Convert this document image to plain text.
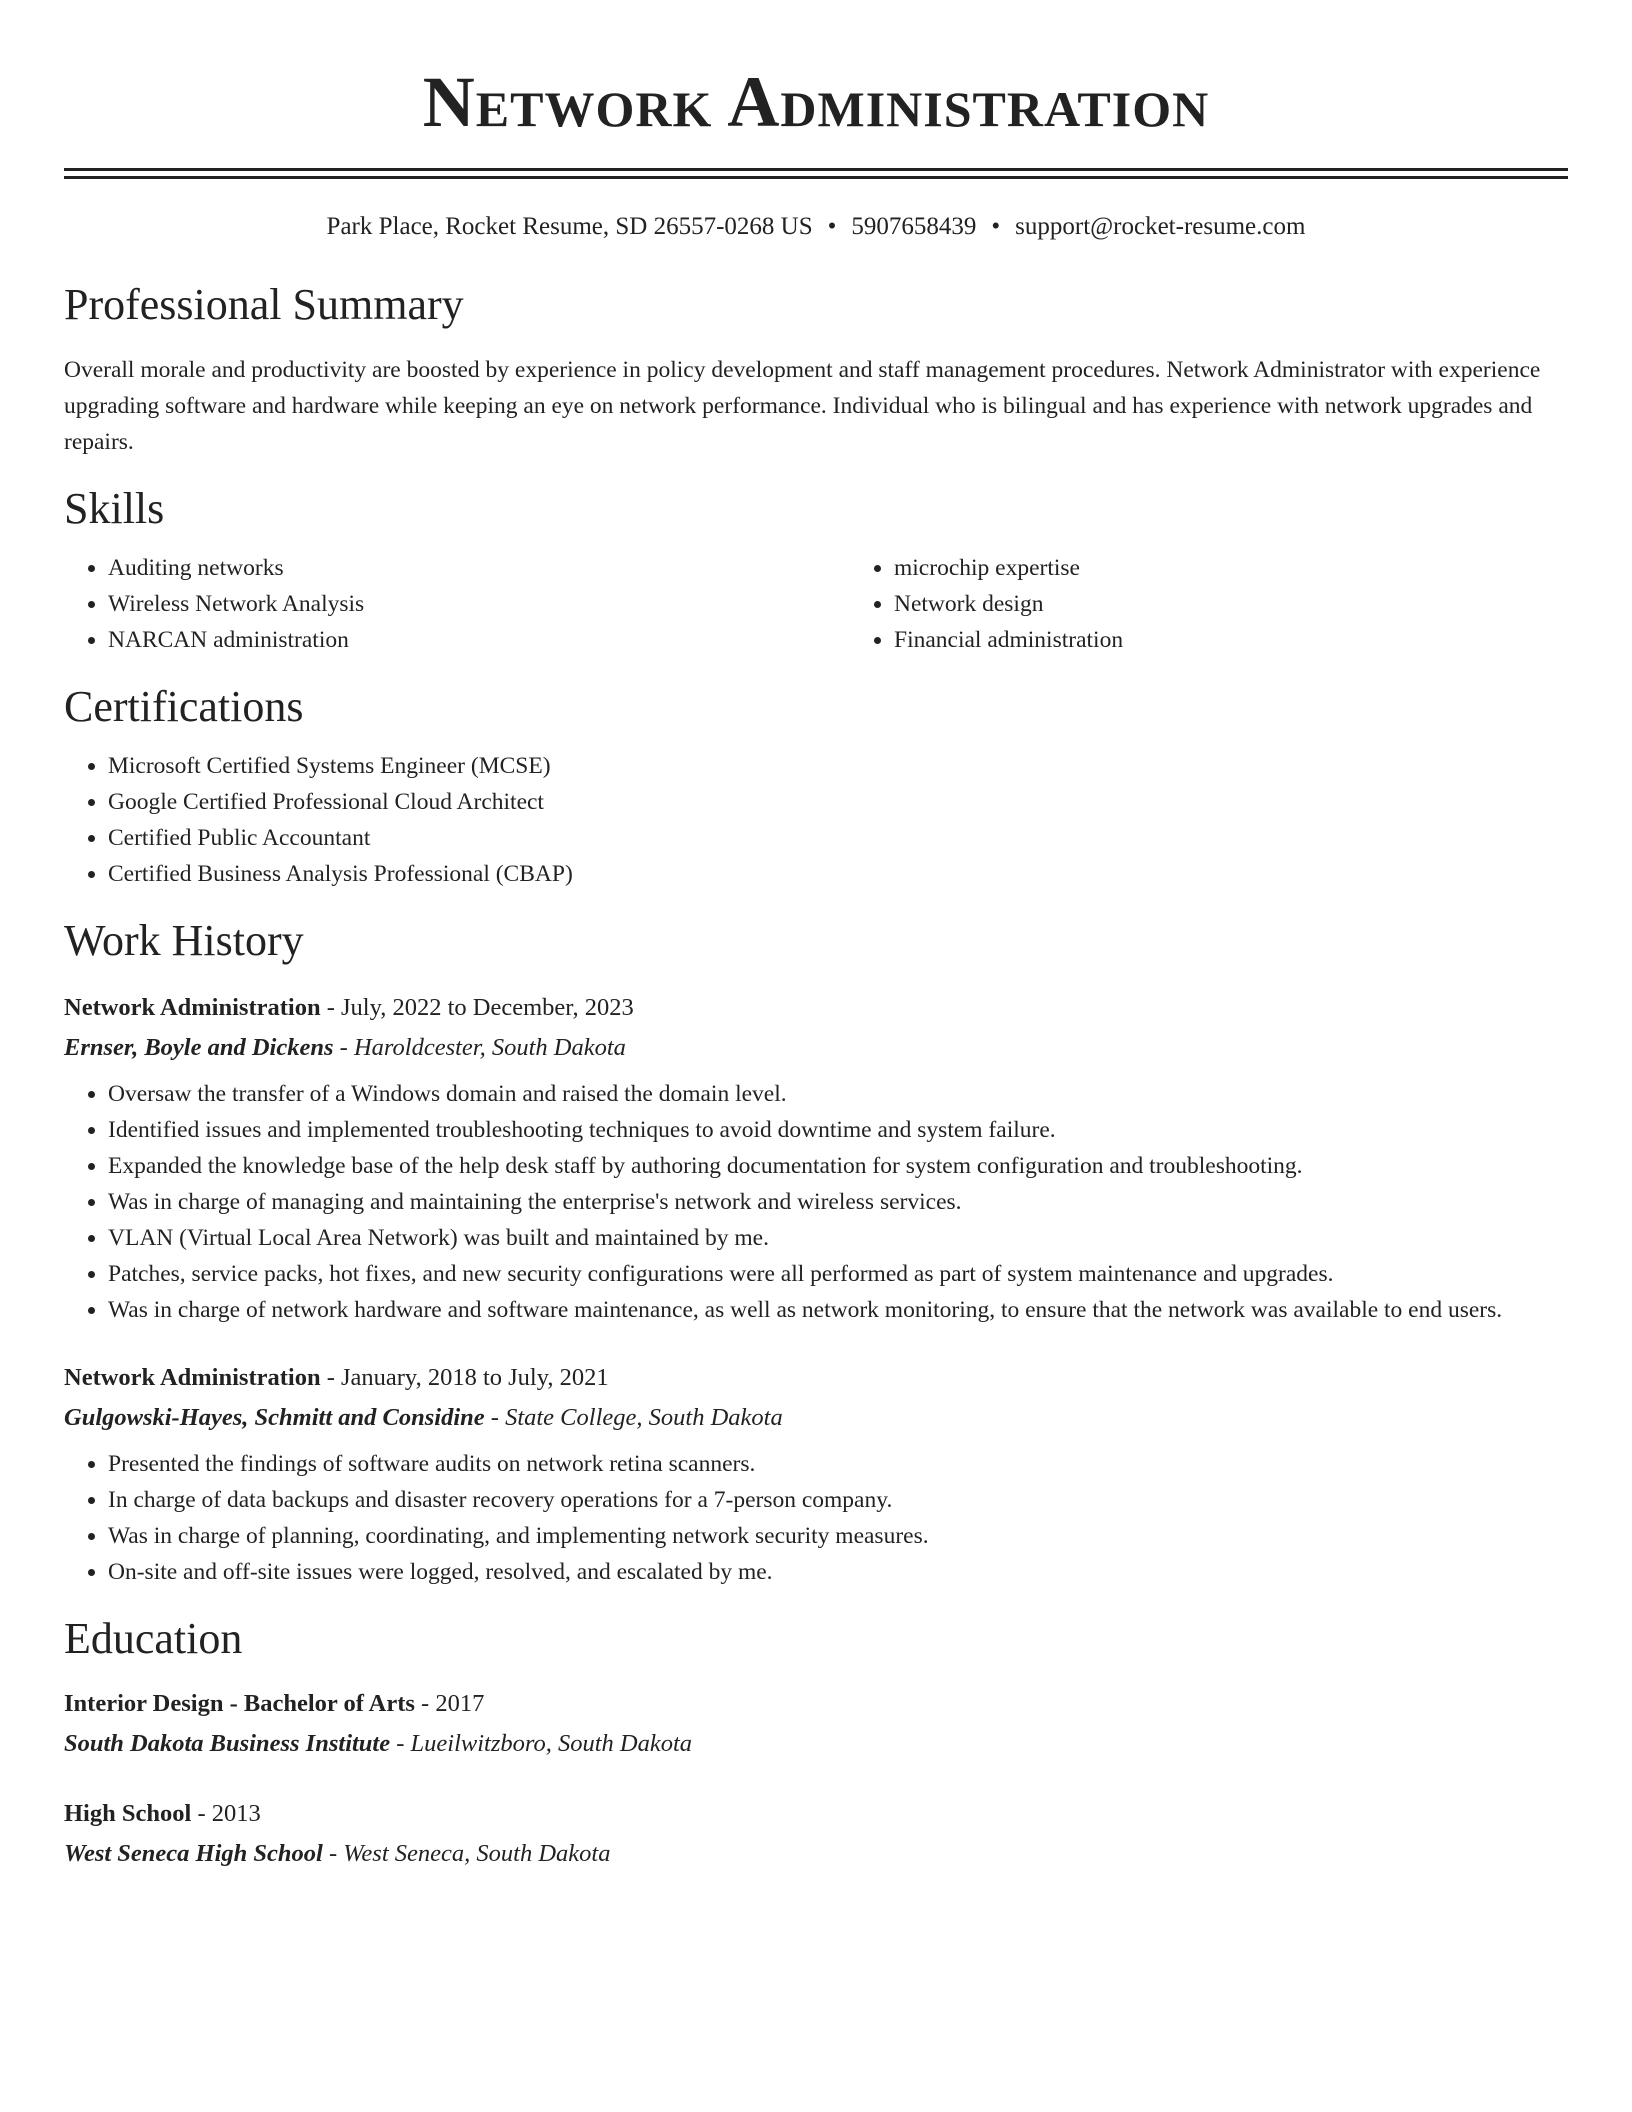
Network Administration
Park Place, Rocket Resume, SD 26557-0268 US • 5907658439 • support@rocket-resume.com
Professional Summary
Overall morale and productivity are boosted by experience in policy development and staff management procedures. Network Administrator with experience upgrading software and hardware while keeping an eye on network performance. Individual who is bilingual and has experience with network upgrades and repairs.
Skills
• Auditing networks
• Wireless Network Analysis
• NARCAN administration
• microchip expertise
• Network design
• Financial administration
Certifications
• Microsoft Certified Systems Engineer (MCSE)
• Google Certified Professional Cloud Architect
• Certified Public Accountant
• Certified Business Analysis Professional (CBAP)
Work History
Network Administration - July, 2022 to December, 2023
Ernser, Boyle and Dickens - Haroldcester, South Dakota
• Oversaw the transfer of a Windows domain and raised the domain level.
• Identified issues and implemented troubleshooting techniques to avoid downtime and system failure.
• Expanded the knowledge base of the help desk staff by authoring documentation for system configuration and troubleshooting.
• Was in charge of managing and maintaining the enterprise's network and wireless services.
• VLAN (Virtual Local Area Network) was built and maintained by me.
• Patches, service packs, hot fixes, and new security configurations were all performed as part of system maintenance and upgrades.
• Was in charge of network hardware and software maintenance, as well as network monitoring, to ensure that the network was available to end users.
Network Administration - January, 2018 to July, 2021
Gulgowski-Hayes, Schmitt and Considine - State College, South Dakota
• Presented the findings of software audits on network retina scanners.
• In charge of data backups and disaster recovery operations for a 7-person company.
• Was in charge of planning, coordinating, and implementing network security measures.
• On-site and off-site issues were logged, resolved, and escalated by me.
Education
Interior Design - Bachelor of Arts - 2017
South Dakota Business Institute - Lueilwitzboro, South Dakota
High School - 2013
West Seneca High School - West Seneca, South Dakota
